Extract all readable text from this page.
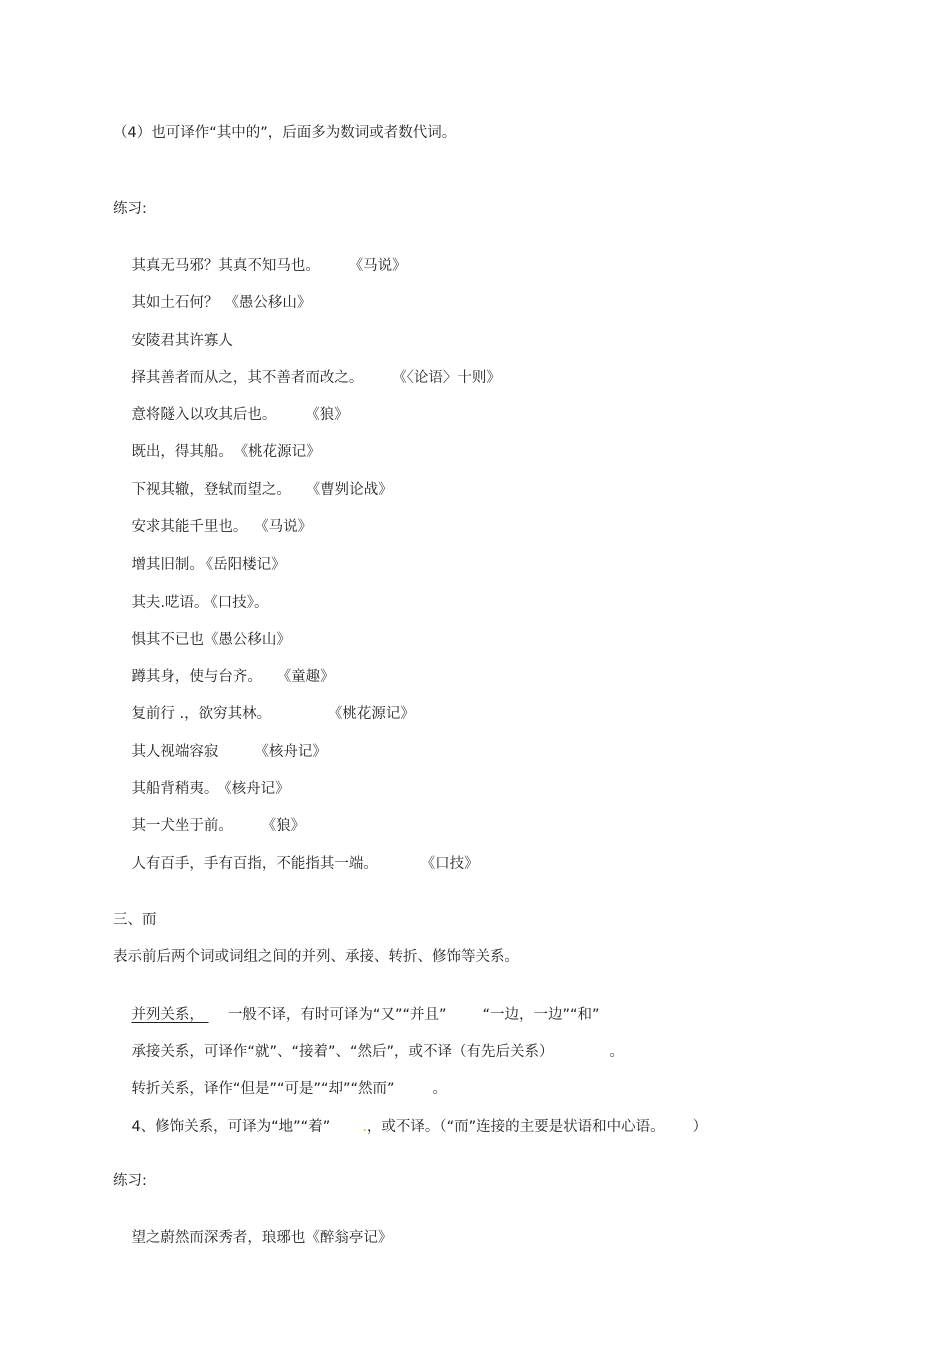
（4）也可译作“其中的”，后面多为数词或者数代词。
练习:

其真无马邪？其真不知马也。 《马说》

其如土石何？ 《愚公移山》

安陵君其许寡人

择其善者而从之，其不善者而改之。 《〈论语〉十则》

意将隧入以攻其后也。 《狼》

既出，得其船。 《桃花源记》

下视其辙，登轼而望之。 《曹刿论战》

安求其能千里也。 《马说》

增其旧制。 《岳阳楼记》

其夫.呓语。 《口技》。

惧其不已也《愚公移山》

蹲其身，使与台齐。 《童趣》

复前行 .，欲穷其林。	《桃花源记》

其人视端容寂 《核舟记》

其船背稍夷。 《核舟记》

其一犬坐于前。 《狼》

人有百手，手有百指，不能指其一端。	《口技》

三、而
表示前后两个词或词组之间的并列、承接、转折、修饰等关系。

并列关系， 一般不译，有时可译为“又”“并且” “一边，一边”“和”

承接关系，可译作“就”、“接着”、“然后”，或不译（有先后关系）	。

转折关系，译作“但是”“可是”“却”“然而”	。

4、修饰关系，可译为“地”“着” .，或不译。（“而”连接的主要是状语和中心语。 ）

练习:

望之蔚然而深秀者，琅琊也《醉翁亭记》
